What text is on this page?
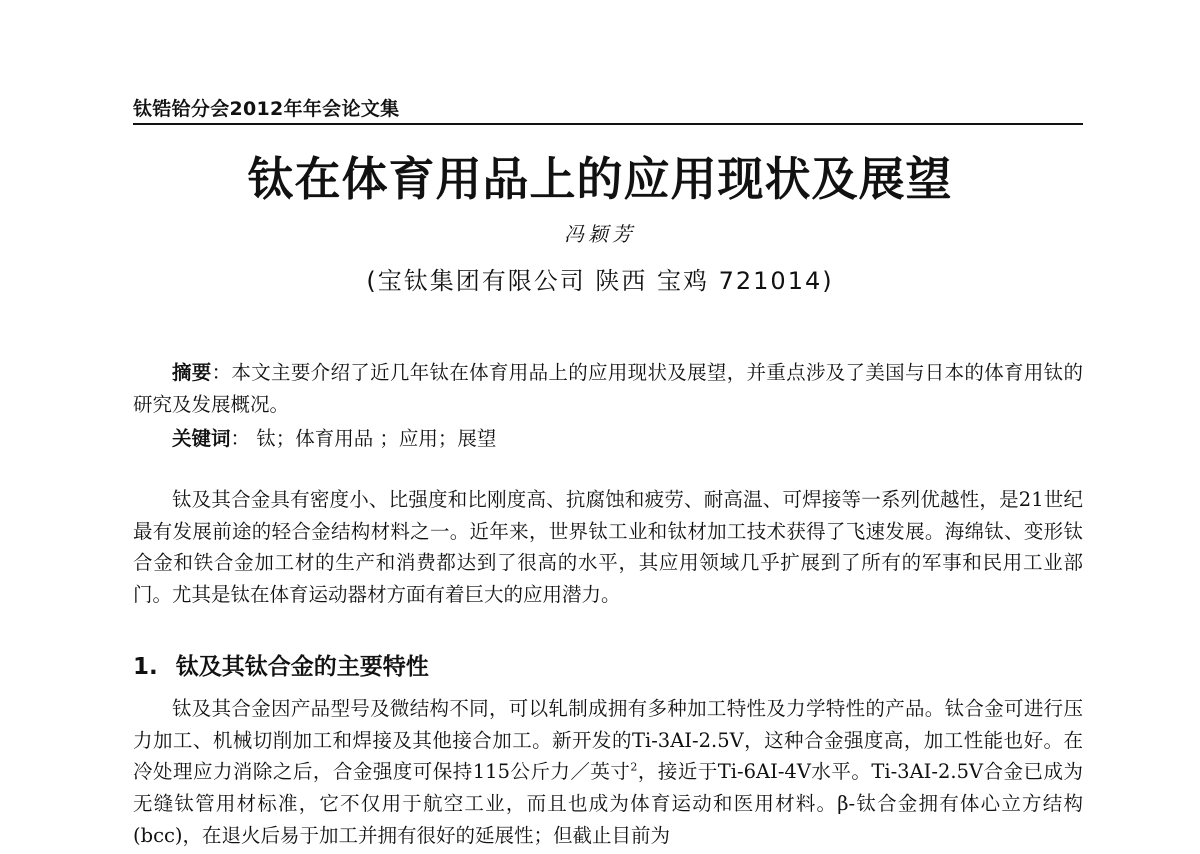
钛锆铪分会2012年年会论文集
钛在体育用品上的应用现状及展望
冯颖芳
(宝钛集团有限公司 陕西 宝鸡 721014)

摘要：本文主要介绍了近几年钛在体育用品上的应用现状及展望，并重点涉及了美国与日本的体育用钛的研究及发展概况。

关键词： 钛；体育用品 ；应用；展望

钛及其合金具有密度小、比强度和比刚度高、抗腐蚀和疲劳、耐高温、可焊接等一系列优越性，是21世纪最有发展前途的轻合金结构材料之一。近年来，世界钛工业和钛材加工技术获得了飞速发展。海绵钛、变形钛合金和铁合金加工材的生产和消费都达到了很高的水平，其应用领域几乎扩展到了所有的军事和民用工业部门。尤其是钛在体育运动器材方面有着巨大的应用潜力。

1. 钛及其钛合金的主要特性

钛及其合金因产品型号及微结构不同，可以轧制成拥有多种加工特性及力学特性的产品。钛合金可进行压力加工、机械切削加工和焊接及其他接合加工。新开发的Ti-3AI-2.5V，这种合金强度高，加工性能也好。在冷处理应力消除之后，合金强度可保持115公斤力／英寸$^2$，接近于Ti-6AI-4V水平。Ti-3AI-2.5V合金已成为无缝钛管用材标准，它不仅用于航空工业，而且也成为体育运动和医用材料。β-钛合金拥有体心立方结构(bcc)，在退火后易于加工并拥有很好的延展性；但截止目前为
